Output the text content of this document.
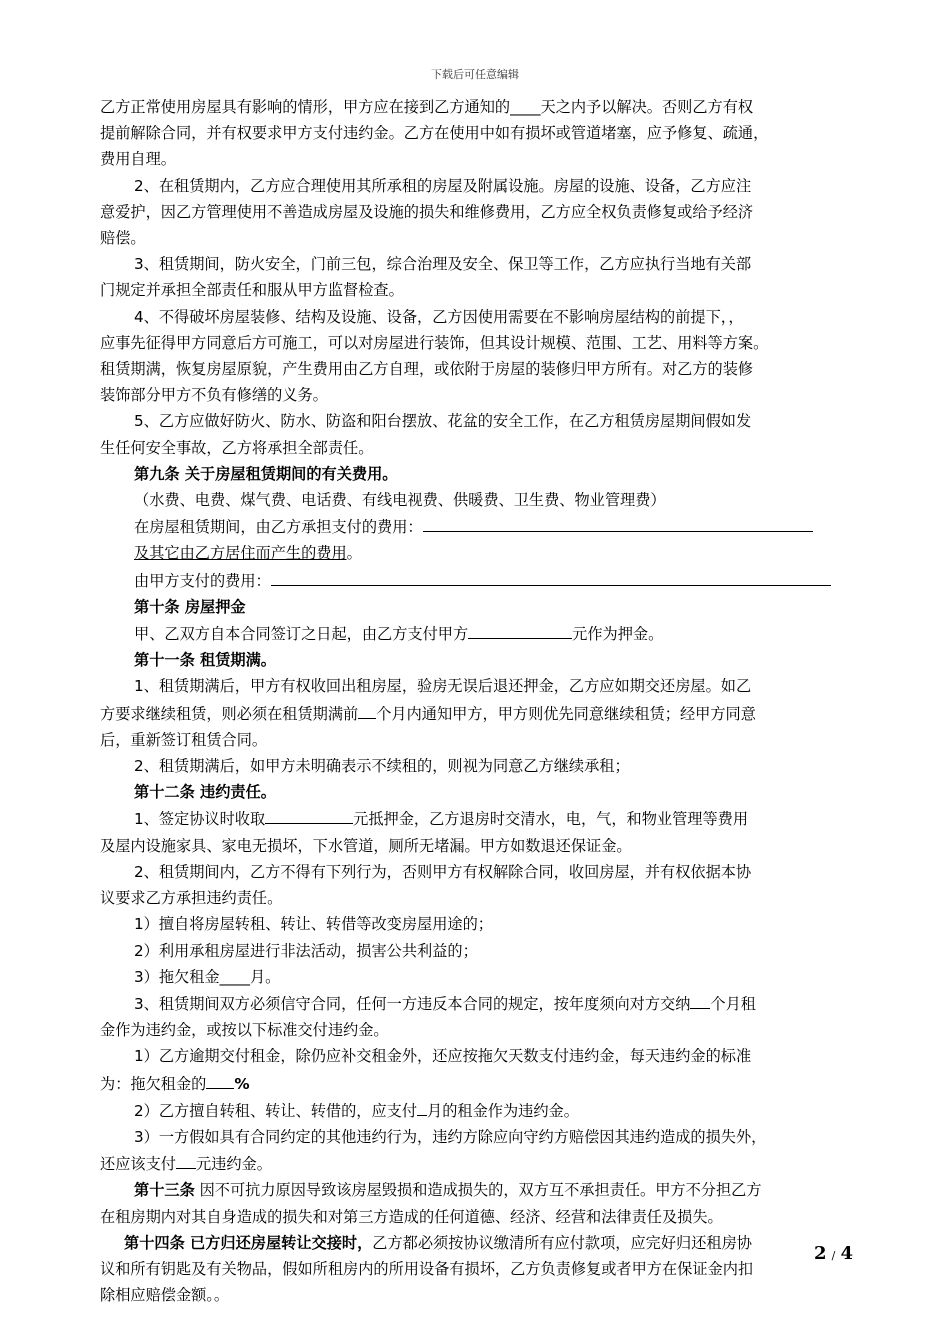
下载后可任意编辑

乙方正常使用房屋具有影响的情形，甲方应在接到乙方通知的____天之内予以解决。否则乙方有权

提前解除合同，并有权要求甲方支付违约金。乙方在使用中如有损坏或管道堵塞，应予修复、疏通，

费用自理。

2、在租赁期内，乙方应合理使用其所承租的房屋及附属设施。房屋的设施、设备，乙方应注

意爱护，因乙方管理使用不善造成房屋及设施的损失和维修费用，乙方应全权负责修复或给予经济

赔偿。

3、租赁期间，防火安全，门前三包，综合治理及安全、保卫等工作，乙方应执行当地有关部

门规定并承担全部责任和服从甲方监督检查。

4、不得破坏房屋装修、结构及设施、设备，乙方因使用需要在不影响房屋结构的前提下，，

应事先征得甲方同意后方可施工，可以对房屋进行装饰，但其设计规模、范围、工艺、用料等方案。

租赁期满，恢复房屋原貌，产生费用由乙方自理，或依附于房屋的装修归甲方所有。对乙方的装修

装饰部分甲方不负有修缮的义务。

5、乙方应做好防火、防水、防盗和阳台摆放、花盆的安全工作，在乙方租赁房屋期间假如发

生任何安全事故，乙方将承担全部责任。

第九条 关于房屋租赁期间的有关费用。

（水费、电费、煤气费、电话费、有线电视费、供暖费、卫生费、物业管理费）

在房屋租赁期间，由乙方承担支付的费用：

及其它由乙方居住而产生的费用。

由甲方支付的费用：

第十条 房屋押金

甲、乙双方自本合同签订之日起，由乙方支付甲方	元作为押金。

第十一条 租赁期满。

1、租赁期满后，甲方有权收回出租房屋，验房无误后退还押金，乙方应如期交还房屋。如乙

方要求继续租赁，则必须在租赁期满前 个月内通知甲方，甲方则优先同意继续租赁；经甲方同意

后，重新签订租赁合同。

2、租赁期满后，如甲方未明确表示不续租的，则视为同意乙方继续承租；

第十二条 违约责任。

1、签定协议时收取	元抵押金，乙方退房时交清水，电，气，和物业管理等费用

及屋内设施家具、家电无损坏，下水管道，厕所无堵漏。甲方如数退还保证金。

2、租赁期间内，乙方不得有下列行为，否则甲方有权解除合同，收回房屋，并有权依据本协

议要求乙方承担违约责任。

1）擅自将房屋转租、转让、转借等改变房屋用途的；

2）利用承租房屋进行非法活动，损害公共利益的；

3）拖欠租金____月。

3、租赁期间双方必须信守合同，任何一方违反本合同的规定，按年度须向对方交纳 个月租

金作为违约金，或按以下标准交付违约金。

1）乙方逾期交付租金，除仍应补交租金外，还应按拖欠天数支付违约金，每天违约金的标准

为：拖欠租金的 %

2）乙方擅自转租、转让、转借的，应支付 月的租金作为违约金。

3）一方假如具有合同约定的其他违约行为，违约方除应向守约方赔偿因其违约造成的损失外，

还应该支付 元违约金。

第十三条 因不可抗力原因导致该房屋毁损和造成损失的，双方互不承担责任。甲方不分担乙方

在租房期内对其自身造成的损失和对第三方造成的任何道德、经济、经营和法律责任及损失。

第十四条 已方归还房屋转让交接时，乙方都必须按协议缴清所有应付款项，应完好归还租房协

议和所有钥匙及有关物品，假如所租房内的所用设备有损坏，乙方负责修复或者甲方在保证金内扣

除相应赔偿金额。。

2 / 4
